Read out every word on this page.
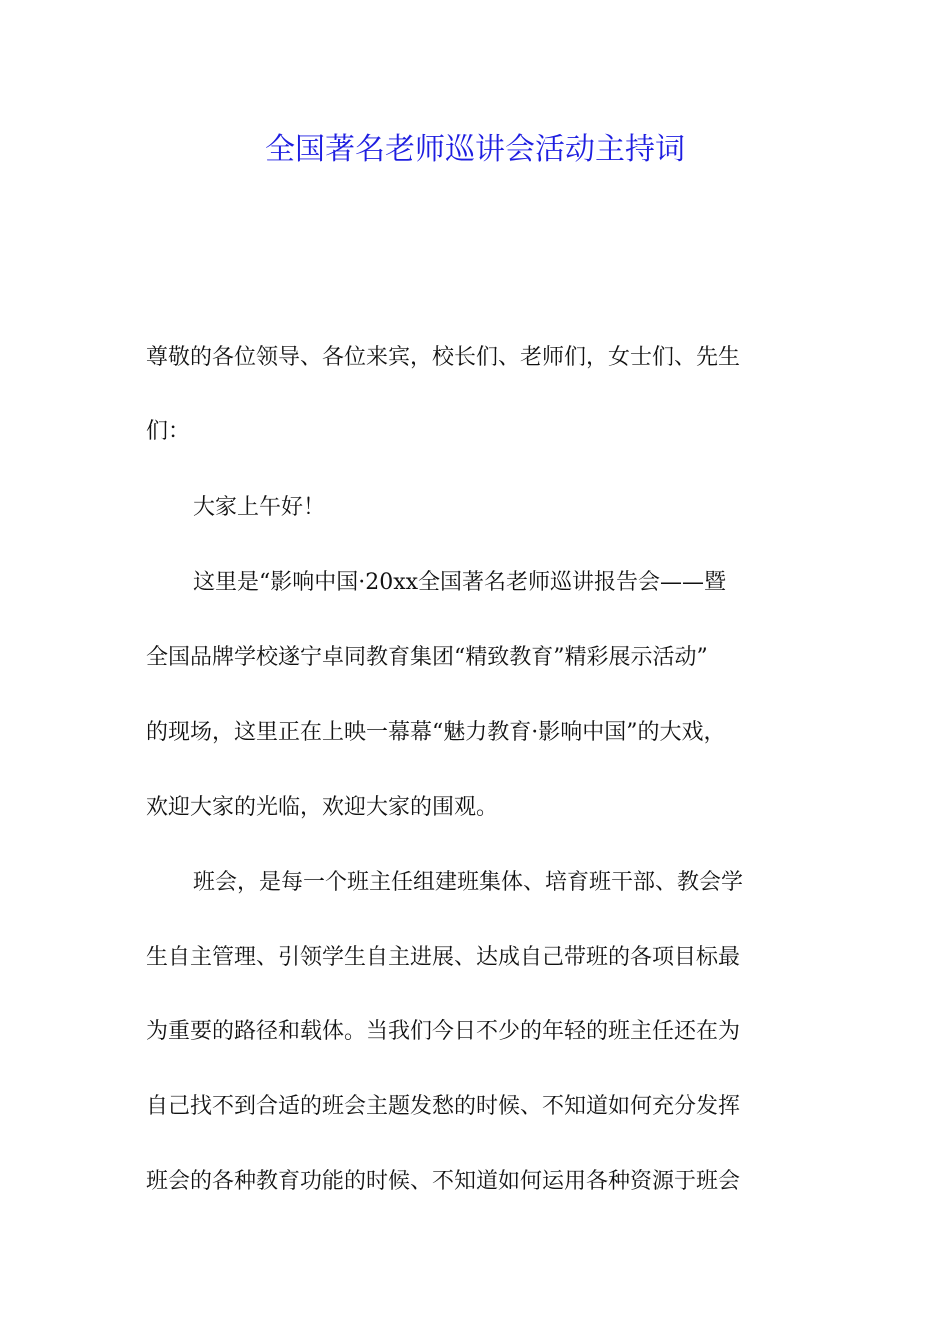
全国著名老师巡讲会活动主持词
尊敬的各位领导、各位来宾，校长们、老师们，女士们、先生
们：
大家上午好！
这里是“影响中国·20xx全国著名老师巡讲报告会——暨
全国品牌学校遂宁卓同教育集团“精致教育”精彩展示活动”
的现场，这里正在上映一幕幕“魅力教育·影响中国”的大戏，
欢迎大家的光临，欢迎大家的围观。
班会，是每一个班主任组建班集体、培育班干部、教会学
生自主管理、引领学生自主进展、达成自己带班的各项目标最
为重要的路径和载体。当我们今日不少的年轻的班主任还在为
自己找不到合适的班会主题发愁的时候、不知道如何充分发挥
班会的各种教育功能的时候、不知道如何运用各种资源于班会
